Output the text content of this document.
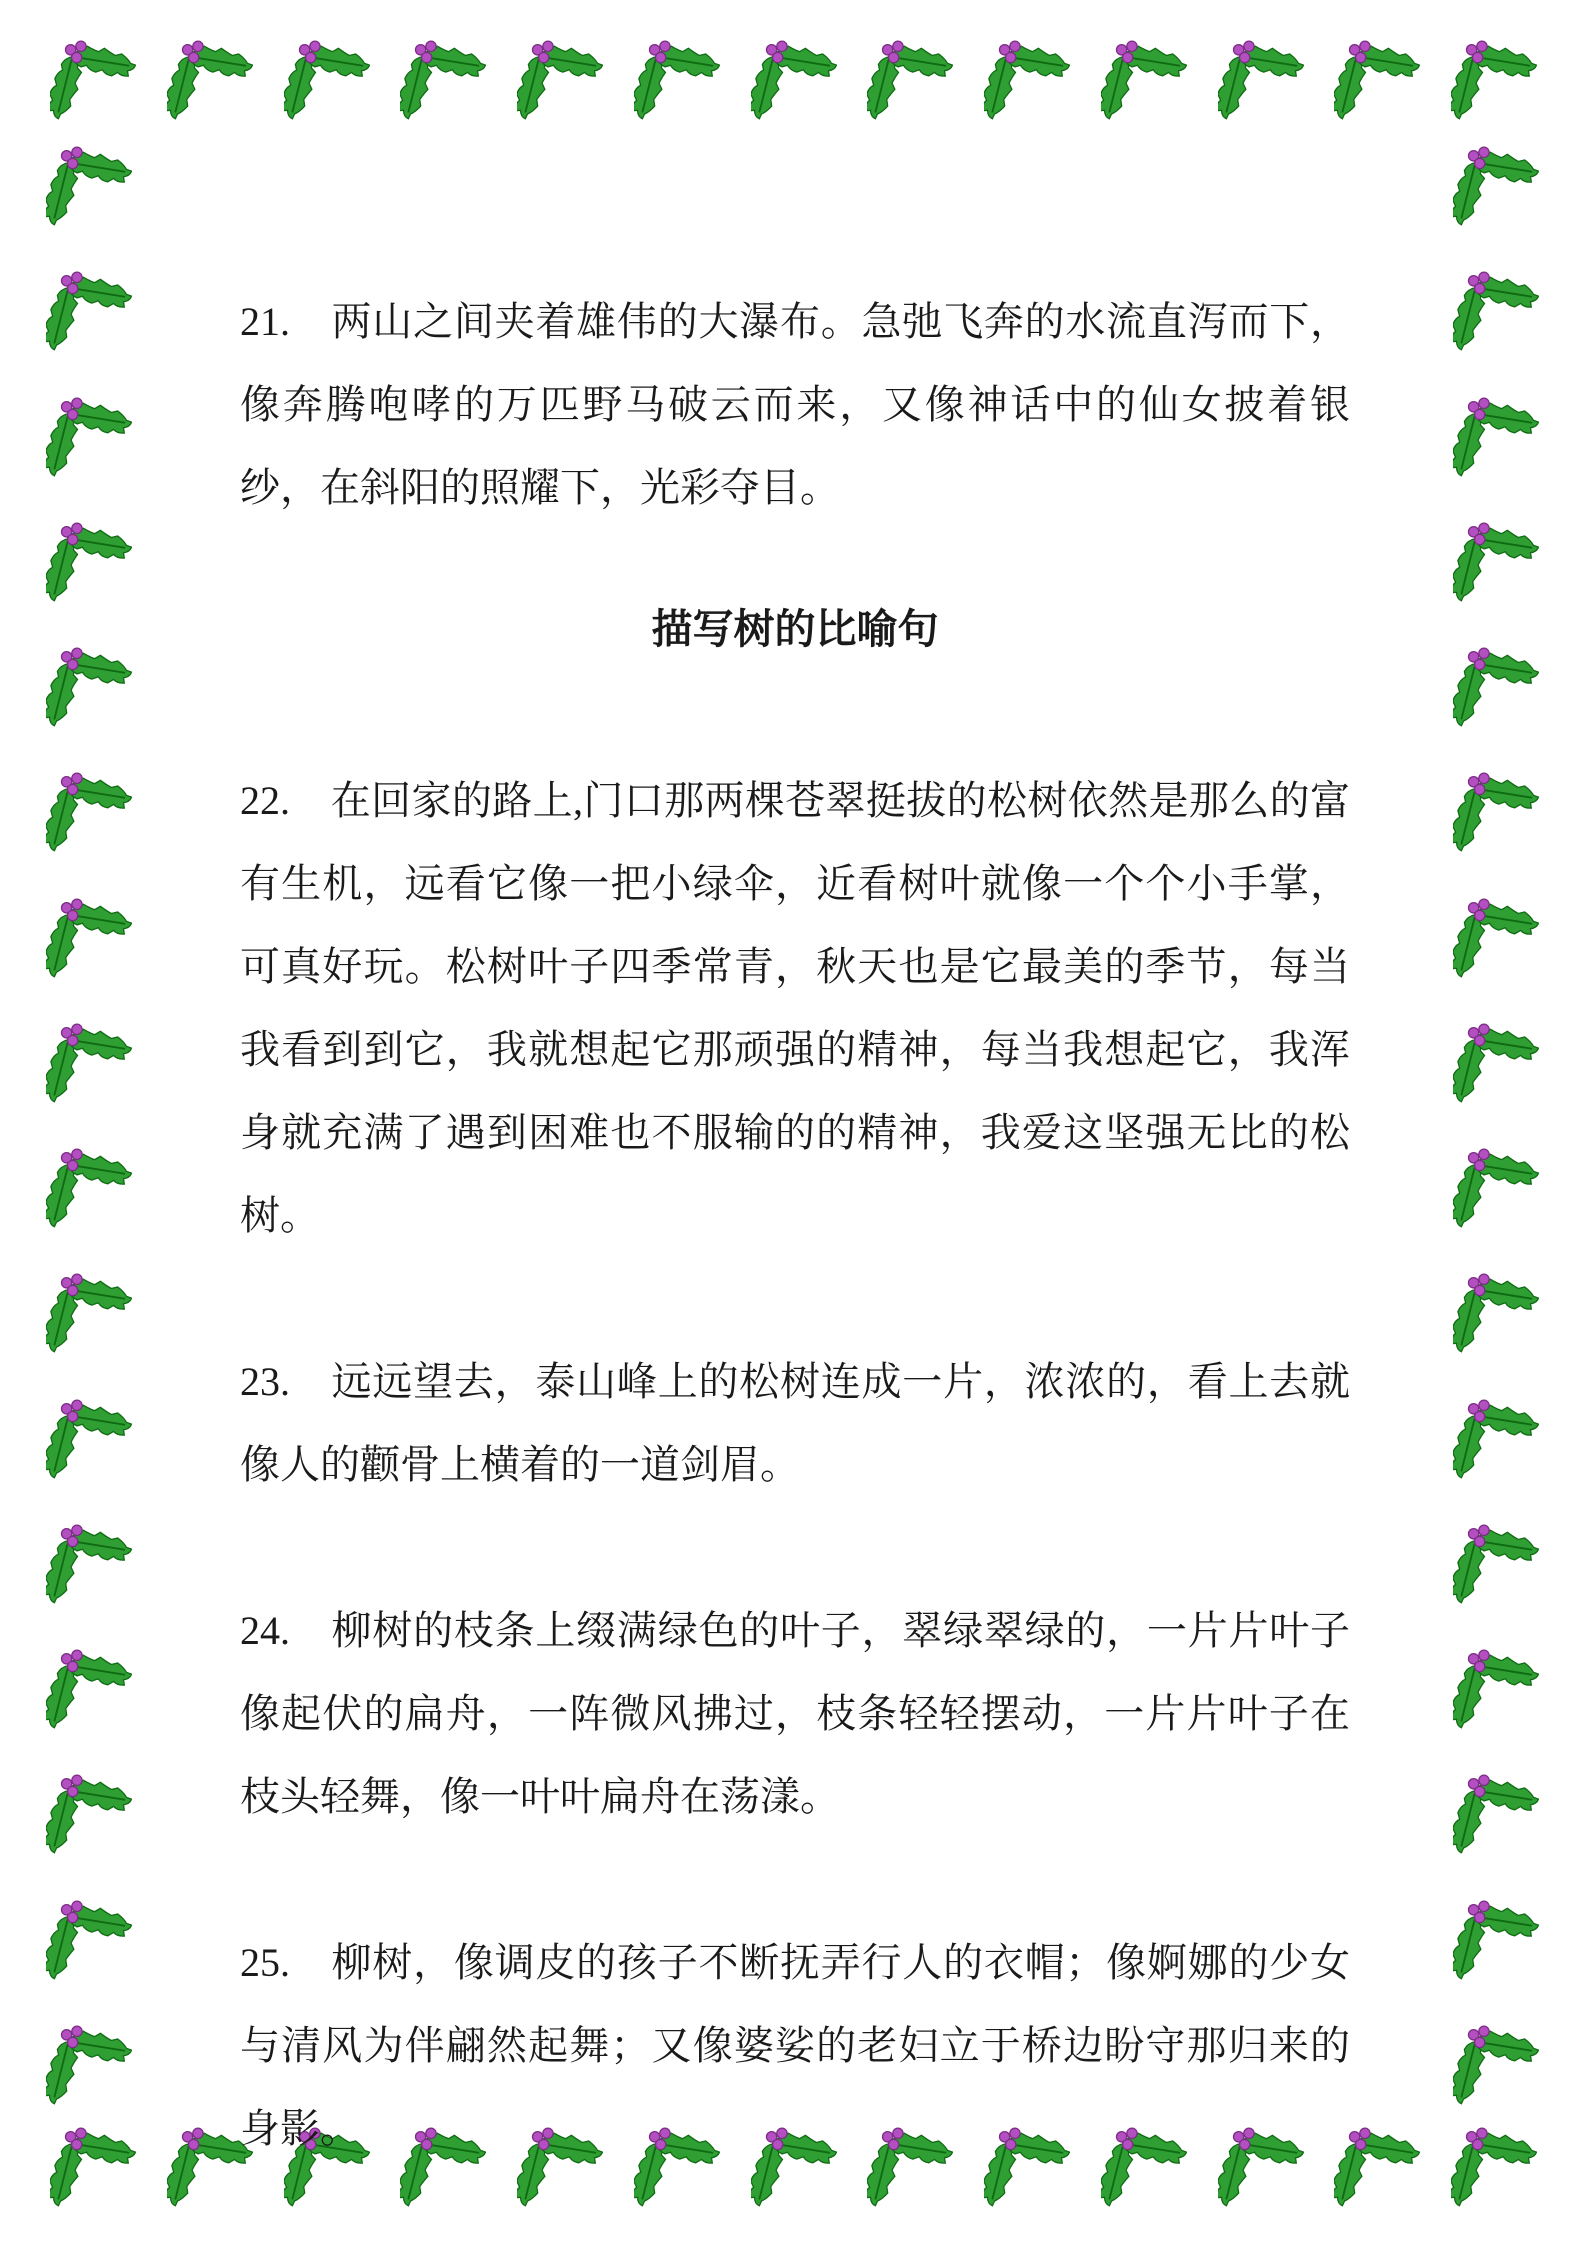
21.　两山之间夹着雄伟的大瀑布。急弛飞奔的水流直泻而下，像奔腾咆哮的万匹野马破云而来，又像神话中的仙女披着银纱，在斜阳的照耀下，光彩夺目。

描写树的比喻句

22.　在回家的路上,门口那两棵苍翠挺拔的松树依然是那么的富有生机，远看它像一把小绿伞，近看树叶就像一个个小手掌，可真好玩。松树叶子四季常青，秋天也是它最美的季节，每当我看到到它，我就想起它那顽强的精神，每当我想起它，我浑身就充满了遇到困难也不服输的的精神，我爱这坚强无比的松树。

23.　远远望去，泰山峰上的松树连成一片，浓浓的，看上去就像人的颧骨上横着的一道剑眉。

24.　柳树的枝条上缀满绿色的叶子，翠绿翠绿的，一片片叶子像起伏的扁舟，一阵微风拂过，枝条轻轻摆动，一片片叶子在枝头轻舞，像一叶叶扁舟在荡漾。

25.　柳树，像调皮的孩子不断抚弄行人的衣帽；像婀娜的少女与清风为伴翩然起舞；又像婆娑的老妇立于桥边盼守那归来的身影。
